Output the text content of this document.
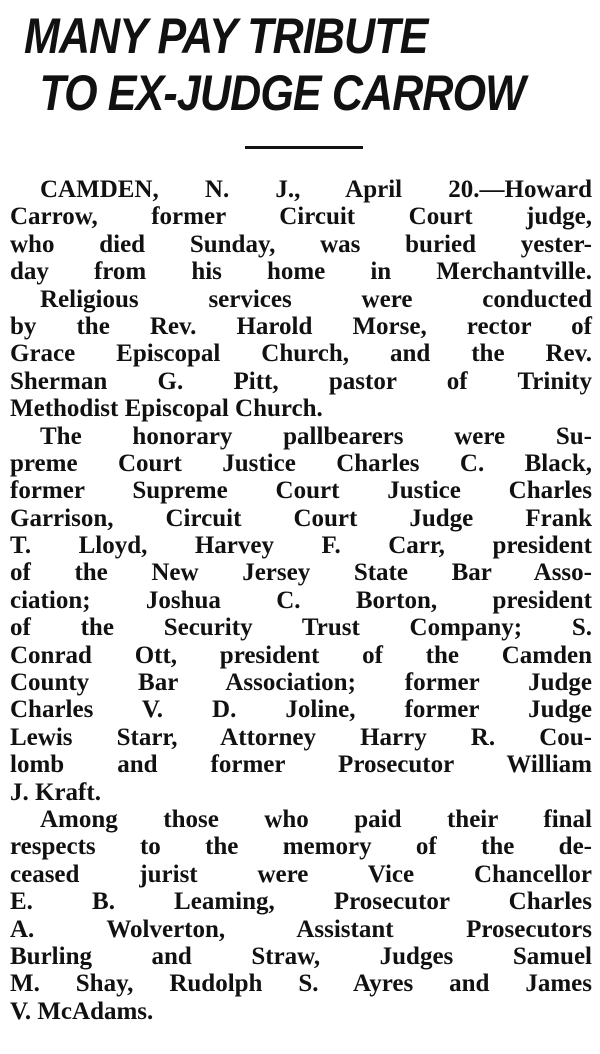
MANY PAY TRIBUTE
TO EX-JUDGE CARROW
CAMDEN, N. J., April 20.—Howard
Carrow, former Circuit Court judge,
who died Sunday, was buried yester-
day from his home in Merchantville.
Religious services were conducted
by the Rev. Harold Morse, rector of
Grace Episcopal Church, and the Rev.
Sherman G. Pitt, pastor of Trinity
Methodist Episcopal Church.
The honorary pallbearers were Su-
preme Court Justice Charles C. Black,
former Supreme Court Justice Charles
Garrison, Circuit Court Judge Frank
T. Lloyd, Harvey F. Carr, president
of the New Jersey State Bar Asso-
ciation; Joshua C. Borton, president
of the Security Trust Company; S.
Conrad Ott, president of the Camden
County Bar Association; former Judge
Charles V. D. Joline, former Judge
Lewis Starr, Attorney Harry R. Cou-
lomb and former Prosecutor William
J. Kraft.
Among those who paid their final
respects to the memory of the de-
ceased jurist were Vice Chancellor
E. B. Leaming, Prosecutor Charles
A. Wolverton, Assistant Prosecutors
Burling and Straw, Judges Samuel
M. Shay, Rudolph S. Ayres and James
V. McAdams.
